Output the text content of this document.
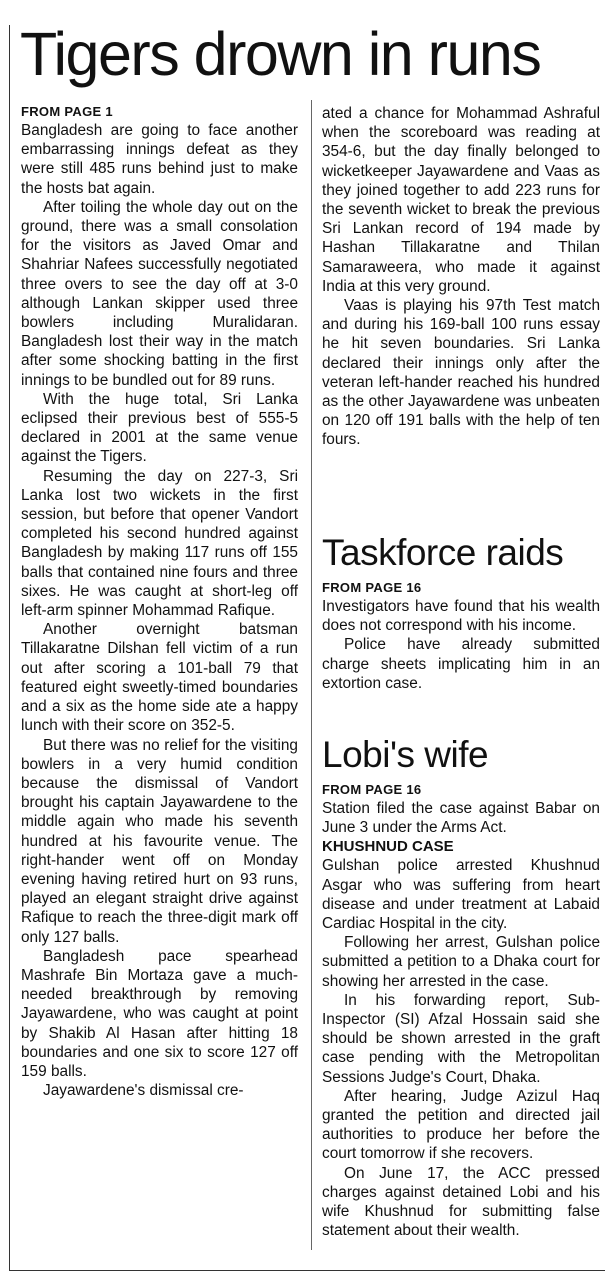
Tigers drown in runs
FROM PAGE 1

Bangladesh are going to face another embarrassing innings defeat as they were still 485 runs behind just to make the hosts bat again.

After toiling the whole day out on the ground, there was a small consolation for the visitors as Javed Omar and Shahriar Nafees successfully negotiated three overs to see the day off at 3-0 although Lankan skipper used three bowlers including Muralidaran. Bangladesh lost their way in the match after some shocking batting in the first innings to be bundled out for 89 runs.

With the huge total, Sri Lanka eclipsed their previous best of 555-5 declared in 2001 at the same venue against the Tigers.

Resuming the day on 227-3, Sri Lanka lost two wickets in the first session, but before that opener Vandort completed his second hundred against Bangladesh by making 117 runs off 155 balls that contained nine fours and three sixes. He was caught at short-leg off left-arm spinner Mohammad Rafique.

Another overnight batsman Tillakaratne Dilshan fell victim of a run out after scoring a 101-ball 79 that featured eight sweetly-timed boundaries and a six as the home side ate a happy lunch with their score on 352-5.

But there was no relief for the visiting bowlers in a very humid condition because the dismissal of Vandort brought his captain Jayawardene to the middle again who made his seventh hundred at his favourite venue. The right-hander went off on Monday evening having retired hurt on 93 runs, played an elegant straight drive against Rafique to reach the three-digit mark off only 127 balls.

Bangladesh pace spearhead Mashrafe Bin Mortaza gave a much-needed breakthrough by removing Jayawardene, who was caught at point by Shakib Al Hasan after hitting 18 boundaries and one six to score 127 off 159 balls.

Jayawardene's dismissal cre-

ated a chance for Mohammad Ashraful when the scoreboard was reading at 354-6, but the day finally belonged to wicketkeeper Jayawardene and Vaas as they joined together to add 223 runs for the seventh wicket to break the previous Sri Lankan record of 194 made by Hashan Tillakaratne and Thilan Samaraweera, who made it against India at this very ground.

Vaas is playing his 97th Test match and during his 169-ball 100 runs essay he hit seven boundaries. Sri Lanka declared their innings only after the veteran left-hander reached his hundred as the other Jayawardene was unbeaten on 120 off 191 balls with the help of ten fours.

Taskforce raids
FROM PAGE 16

Investigators have found that his wealth does not correspond with his income.

Police have already submitted charge sheets implicating him in an extortion case.

Lobi's wife
FROM PAGE 16

Station filed the case against Babar on June 3 under the Arms Act.

KHUSHNUD CASE

Gulshan police arrested Khushnud Asgar who was suffering from heart disease and under treatment at Labaid Cardiac Hospital in the city.

Following her arrest, Gulshan police submitted a petition to a Dhaka court for showing her arrested in the case.

In his forwarding report, Sub-Inspector (SI) Afzal Hossain said she should be shown arrested in the graft case pending with the Metropolitan Sessions Judge's Court, Dhaka.

After hearing, Judge Azizul Haq granted the petition and directed jail authorities to produce her before the court tomorrow if she recovers.

On June 17, the ACC pressed charges against detained Lobi and his wife Khushnud for submitting false statement about their wealth.
